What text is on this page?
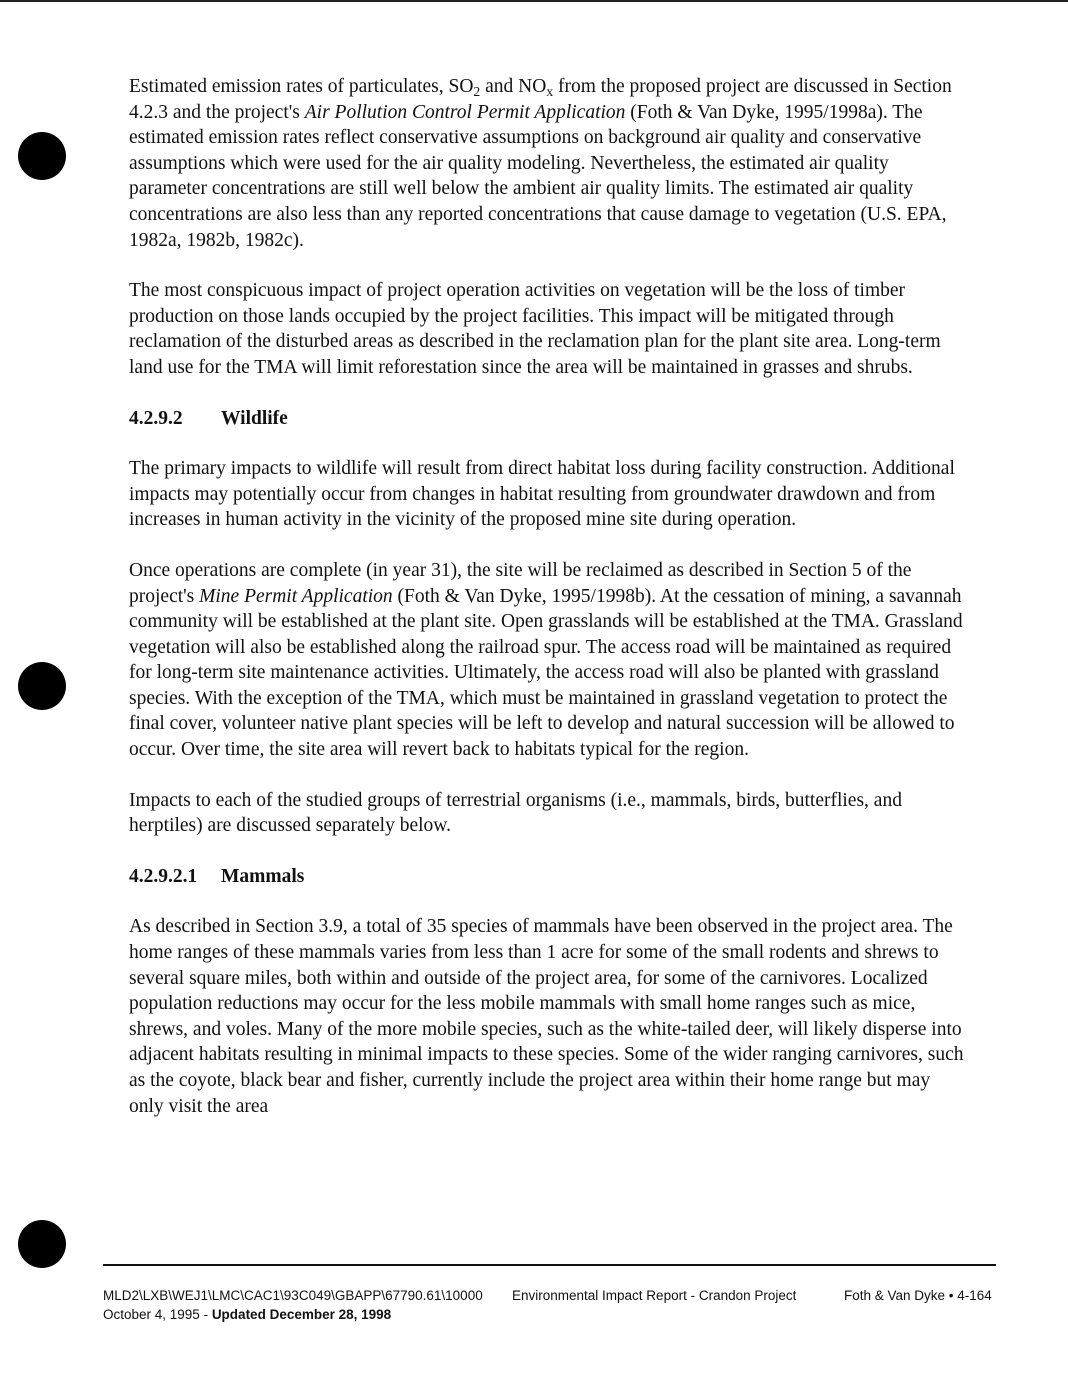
Estimated emission rates of particulates, $SO_2$ and $NO_x$ from the proposed project are discussed in Section 4.2.3 and the project's Air Pollution Control Permit Application (Foth & Van Dyke, 1995/1998a). The estimated emission rates reflect conservative assumptions on background air quality and conservative assumptions which were used for the air quality modeling. Nevertheless, the estimated air quality parameter concentrations are still well below the ambient air quality limits. The estimated air quality concentrations are also less than any reported concentrations that cause damage to vegetation (U.S. EPA, 1982a, 1982b, 1982c).

The most conspicuous impact of project operation activities on vegetation will be the loss of timber production on those lands occupied by the project facilities. This impact will be mitigated through reclamation of the disturbed areas as described in the reclamation plan for the plant site area. Long-term land use for the TMA will limit reforestation since the area will be maintained in grasses and shrubs.

4.2.9.2	Wildlife

The primary impacts to wildlife will result from direct habitat loss during facility construction. Additional impacts may potentially occur from changes in habitat resulting from groundwater drawdown and from increases in human activity in the vicinity of the proposed mine site during operation.

Once operations are complete (in year 31), the site will be reclaimed as described in Section 5 of the project's Mine Permit Application (Foth & Van Dyke, 1995/1998b). At the cessation of mining, a savannah community will be established at the plant site. Open grasslands will be established at the TMA. Grassland vegetation will also be established along the railroad spur. The access road will be maintained as required for long-term site maintenance activities. Ultimately, the access road will also be planted with grassland species. With the exception of the TMA, which must be maintained in grassland vegetation to protect the final cover, volunteer native plant species will be left to develop and natural succession will be allowed to occur. Over time, the site area will revert back to habitats typical for the region.

Impacts to each of the studied groups of terrestrial organisms (i.e., mammals, birds, butterflies, and herptiles) are discussed separately below.

4.2.9.2.1	Mammals

As described in Section 3.9, a total of 35 species of mammals have been observed in the project area. The home ranges of these mammals varies from less than 1 acre for some of the small rodents and shrews to several square miles, both within and outside of the project area, for some of the carnivores. Localized population reductions may occur for the less mobile mammals with small home ranges such as mice, shrews, and voles. Many of the more mobile species, such as the white-tailed deer, will likely disperse into adjacent habitats resulting in minimal impacts to these species. Some of the wider ranging carnivores, such as the coyote, black bear and fisher, currently include the project area within their home range but may only visit the area

MLD2\LXB\WEJ1\LMC\CAC1\93C049\GBAPP\67790.61\10000
October 4, 1995 - Updated December 28, 1998
Environmental Impact Report - Crandon Project	Foth & Van Dyke • 4-164
